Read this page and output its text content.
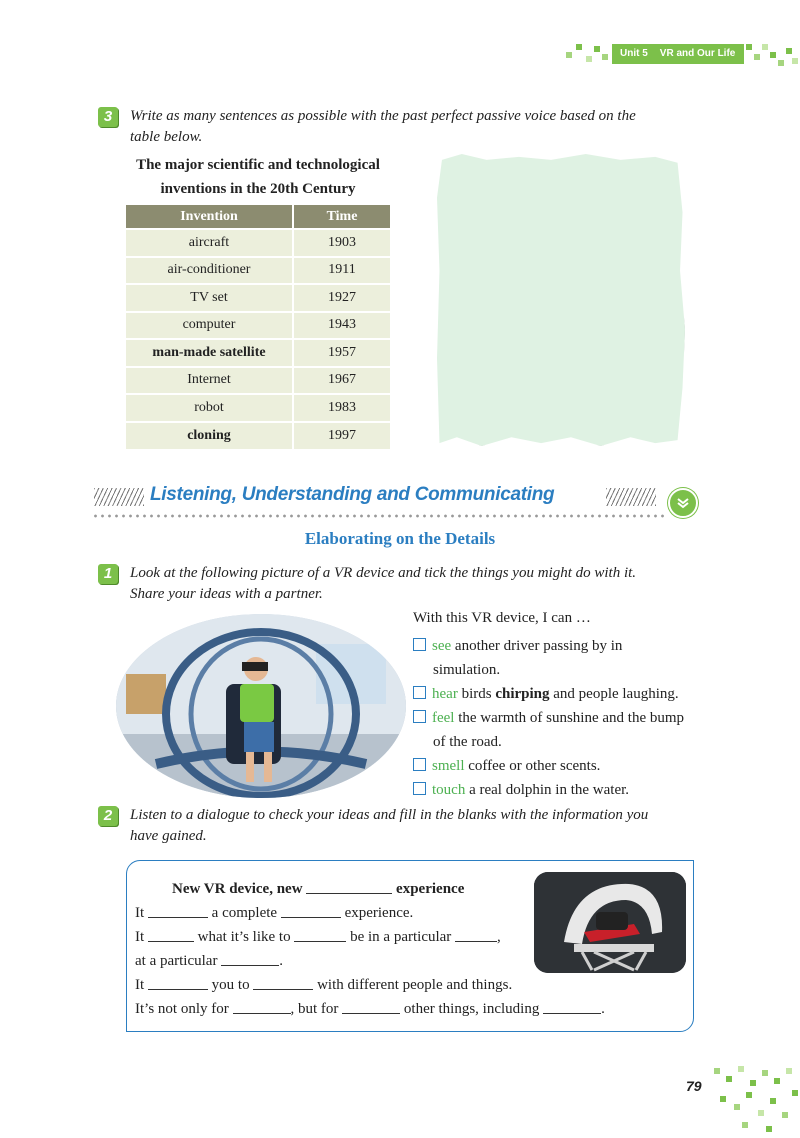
Unit 5 VR and Our Life
3	Write as many sentences as possible with the past perfect passive voice based on the
table below.
The major scientific and technological
inventions in the 20th Century
Invention	Time
aircraft	1903
air-conditioner	1911
TV set	1927
computer	1943
man-made satellite	1957
Internet	1967
robot	1983
cloning	1997
Listening, Understanding and Communicating
Elaborating on the Details
1	Look at the following picture of a VR device and tick the things you might do with it.
Share your ideas with a partner.
With this VR device, I can …
see another driver passing by in
simulation.
hear birds chirping and people laughing.
feel the warmth of sunshine and the bump
of the road.
smell coffee or other scents.
touch a real dolphin in the water.
2	Listen to a dialogue to check your ideas and fill in the blanks with the information you
have gained.
New VR device, new	experience
It	a complete	experience.
It	what it’s like to	be in a particular	,
at a particular	.
It	you to	with different people and things.
It’s not only for	, but for	other things, including	.
79
